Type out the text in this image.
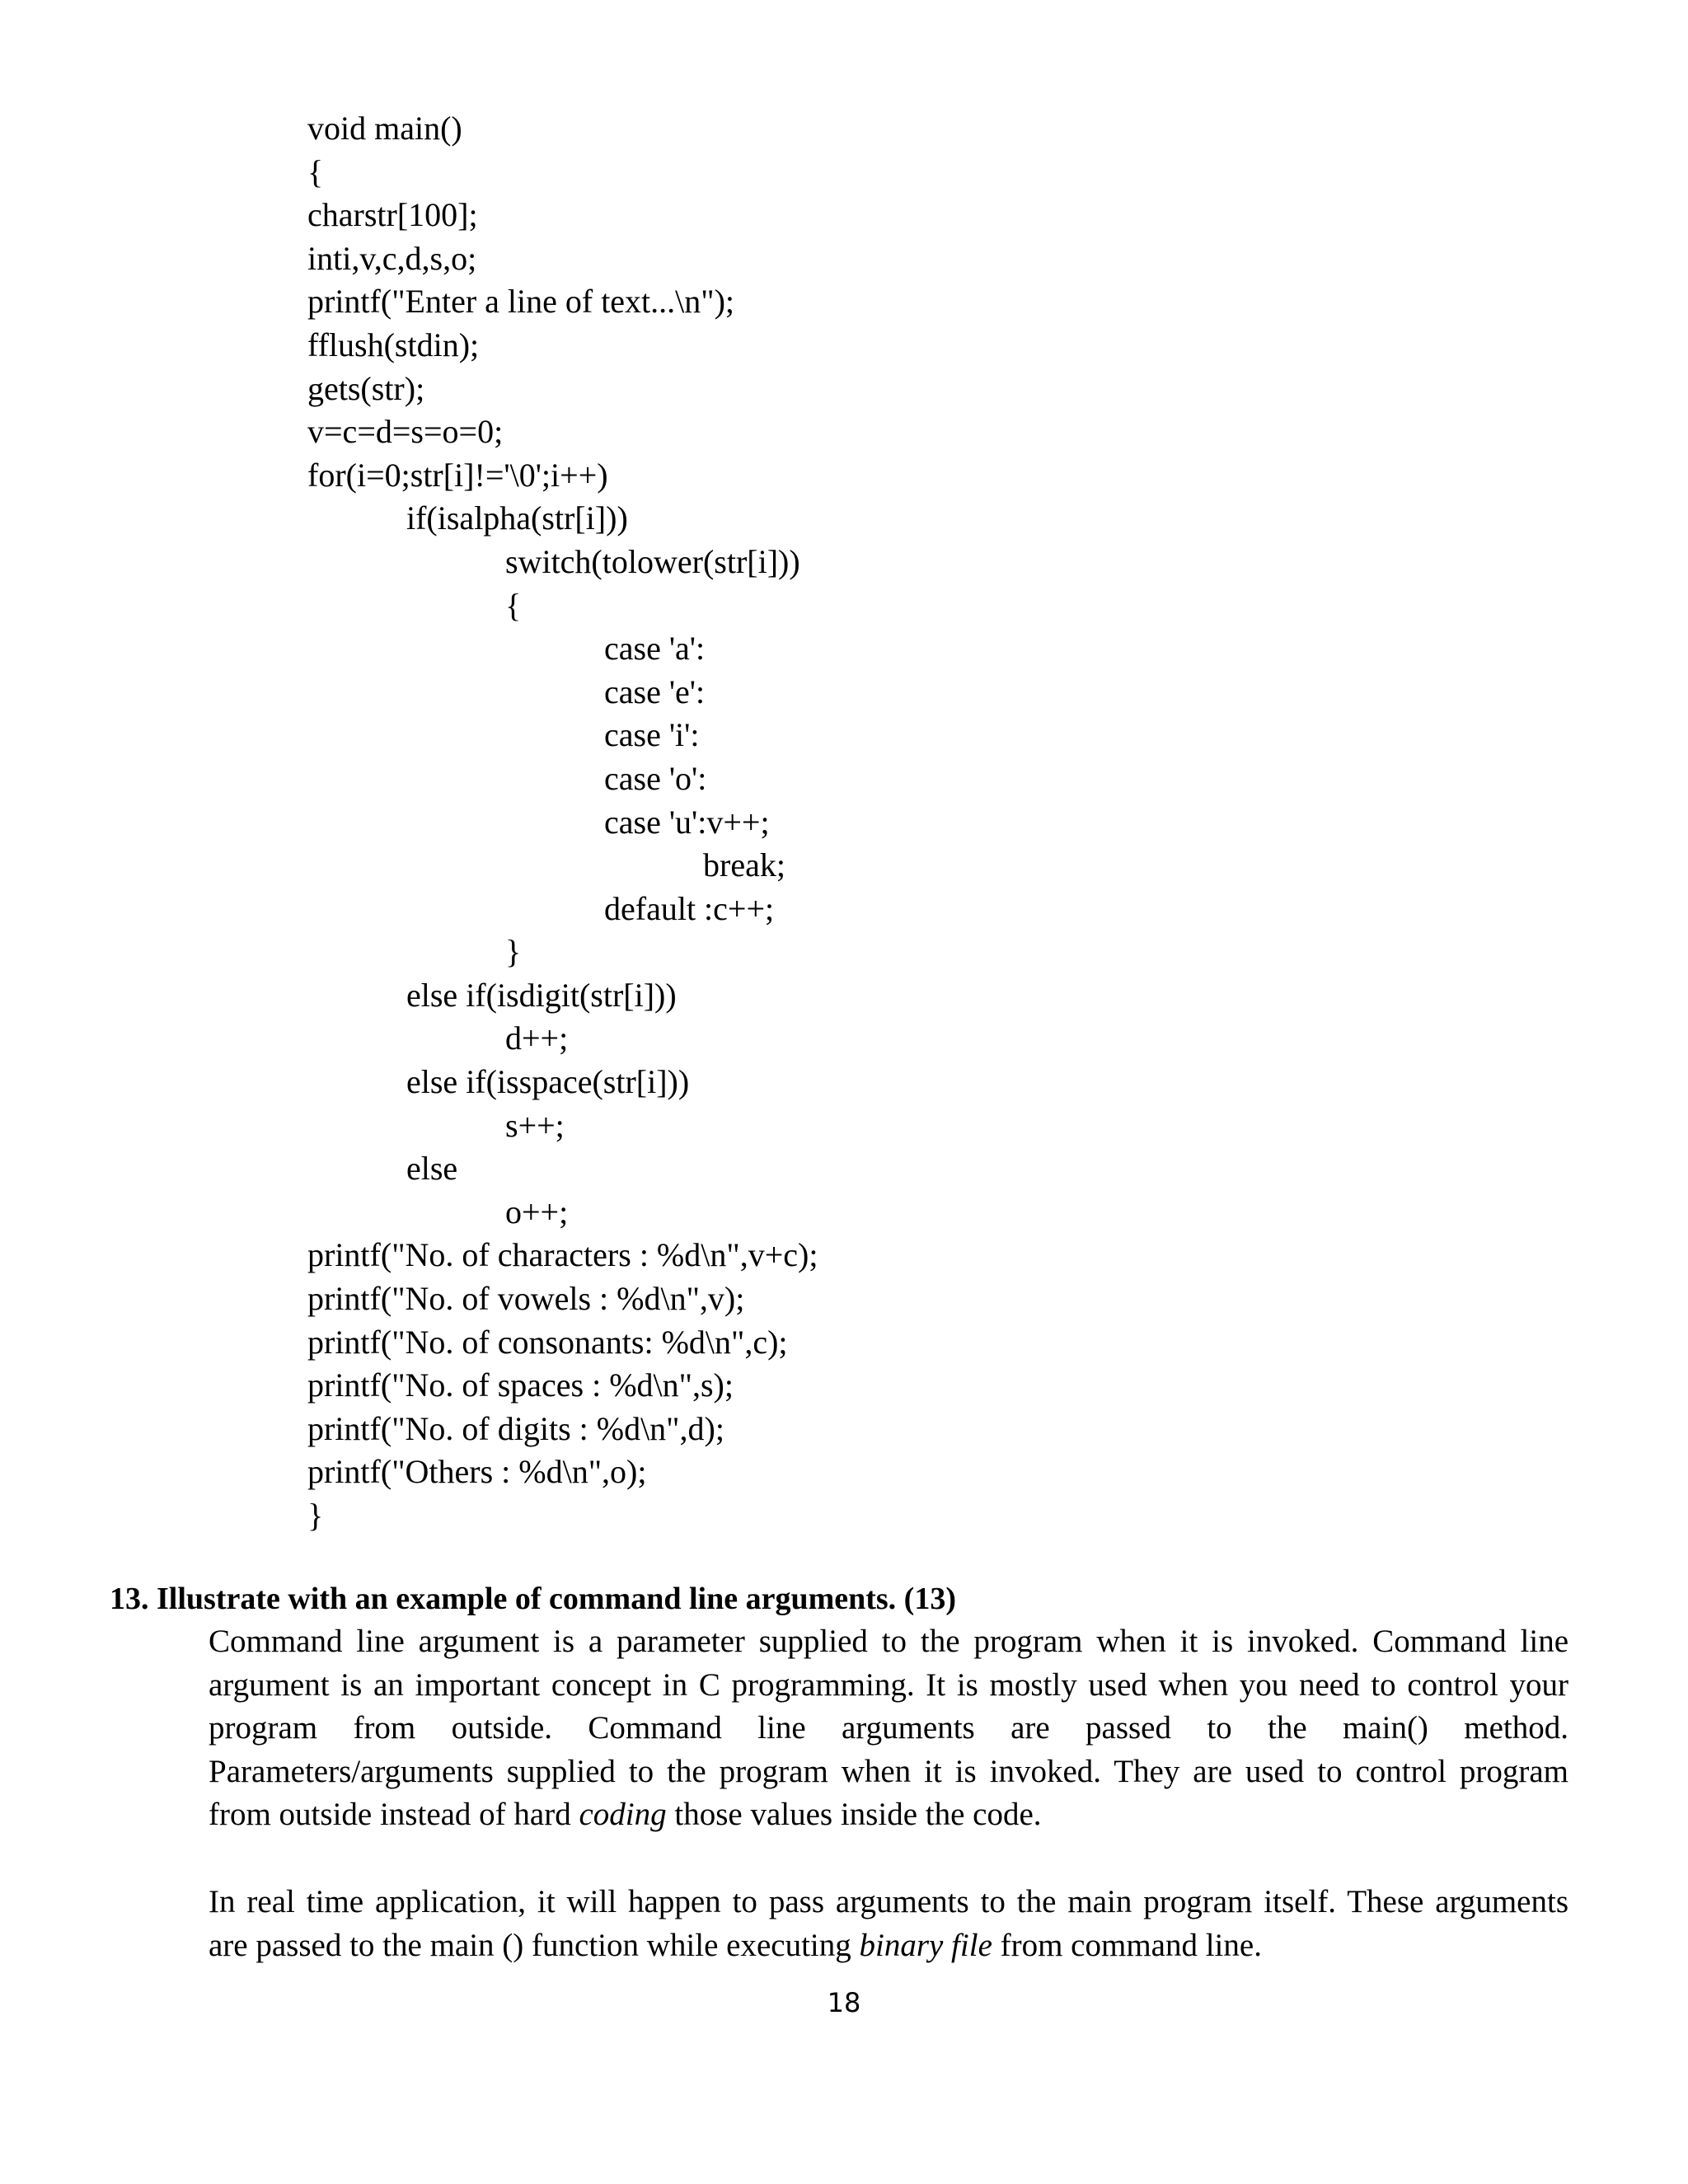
void main()
{
charstr[100];
inti,v,c,d,s,o;
printf("Enter a line of text...\n");
fflush(stdin);
gets(str);
v=c=d=s=o=0;
for(i=0;str[i]!='\0';i++)
if(isalpha(str[i]))
switch(tolower(str[i]))
{
case 'a':
case 'e':
case 'i':
case 'o':
case 'u':v++;
break;
default :c++;
}
else if(isdigit(str[i]))
d++;
else if(isspace(str[i]))
s++;
else
o++;
printf("No. of characters : %d\n",v+c);
printf("No. of vowels : %d\n",v);
printf("No. of consonants: %d\n",c);
printf("No. of spaces : %d\n",s);
printf("No. of digits : %d\n",d);
printf("Others : %d\n",o);
}
13. Illustrate with an example of command line arguments. (13)
Command line argument is a parameter supplied to the program when it is invoked. Command line
argument is an important concept in C programming. It is mostly used when you need to control your
program from outside. Command line arguments are passed to the main() method.
Parameters/arguments supplied to the program when it is invoked. They are used to control program
from outside instead of hard coding those values inside the code.
In real time application, it will happen to pass arguments to the main program itself. These arguments
are passed to the main () function while executing binary file from command line.
18
